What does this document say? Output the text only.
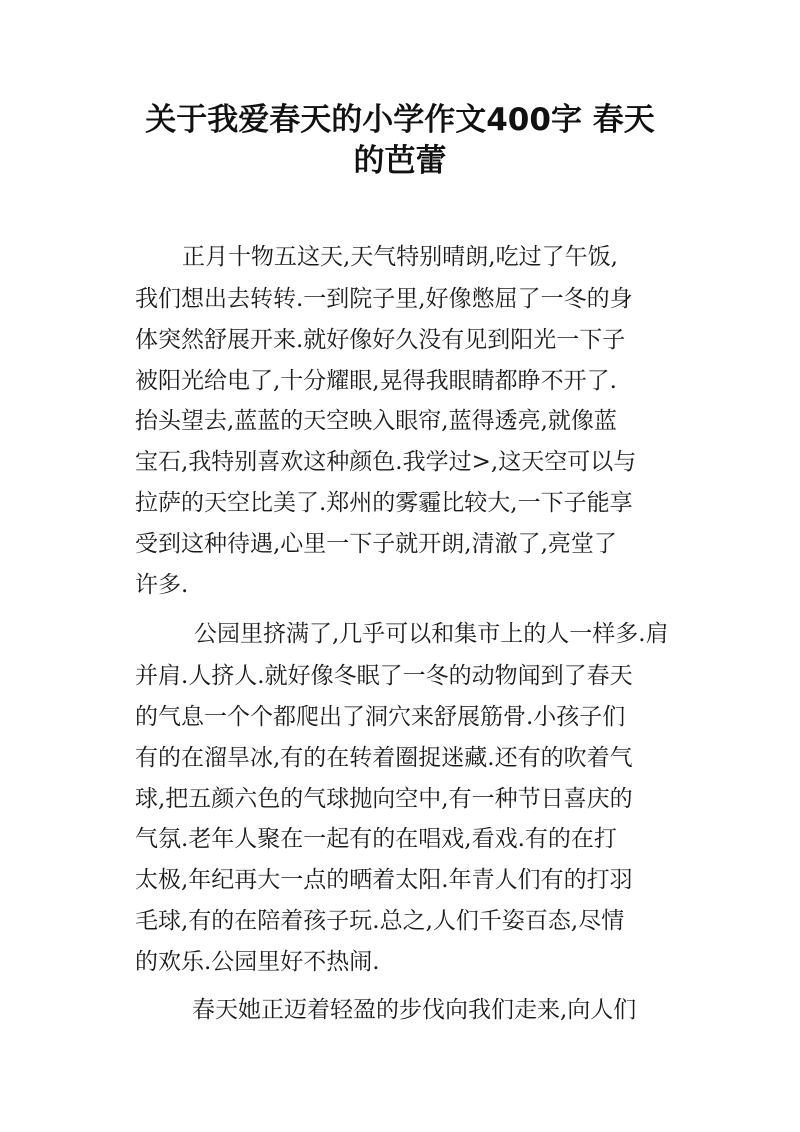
关于我爱春天的小学作文400字 春天
的芭蕾

正月十物五这天,天气特别晴朗,吃过了午饭,

我们想出去转转.一到院子里,好像憋屈了一冬的身

体突然舒展开来.就好像好久没有见到阳光一下子

被阳光给电了,十分耀眼,晃得我眼睛都睁不开了.

抬头望去,蓝蓝的天空映入眼帘,蓝得透亮,就像蓝

宝石,我特别喜欢这种颜色.我学过>,这天空可以与

拉萨的天空比美了.郑州的雾霾比较大,一下子能享

受到这种待遇,心里一下子就开朗,清澈了,亮堂了

许多.

公园里挤满了,几乎可以和集市上的人一样多.肩

并肩.人挤人.就好像冬眠了一冬的动物闻到了春天

的气息一个个都爬出了洞穴来舒展筋骨.小孩子们

有的在溜旱冰,有的在转着圈捉迷藏.还有的吹着气

球,把五颜六色的气球抛向空中,有一种节日喜庆的

气氛.老年人聚在一起有的在唱戏,看戏.有的在打

太极,年纪再大一点的晒着太阳.年青人们有的打羽

毛球,有的在陪着孩子玩.总之,人们千姿百态,尽情

的欢乐.公园里好不热闹.

春天她正迈着轻盈的步伐向我们走来,向人们
